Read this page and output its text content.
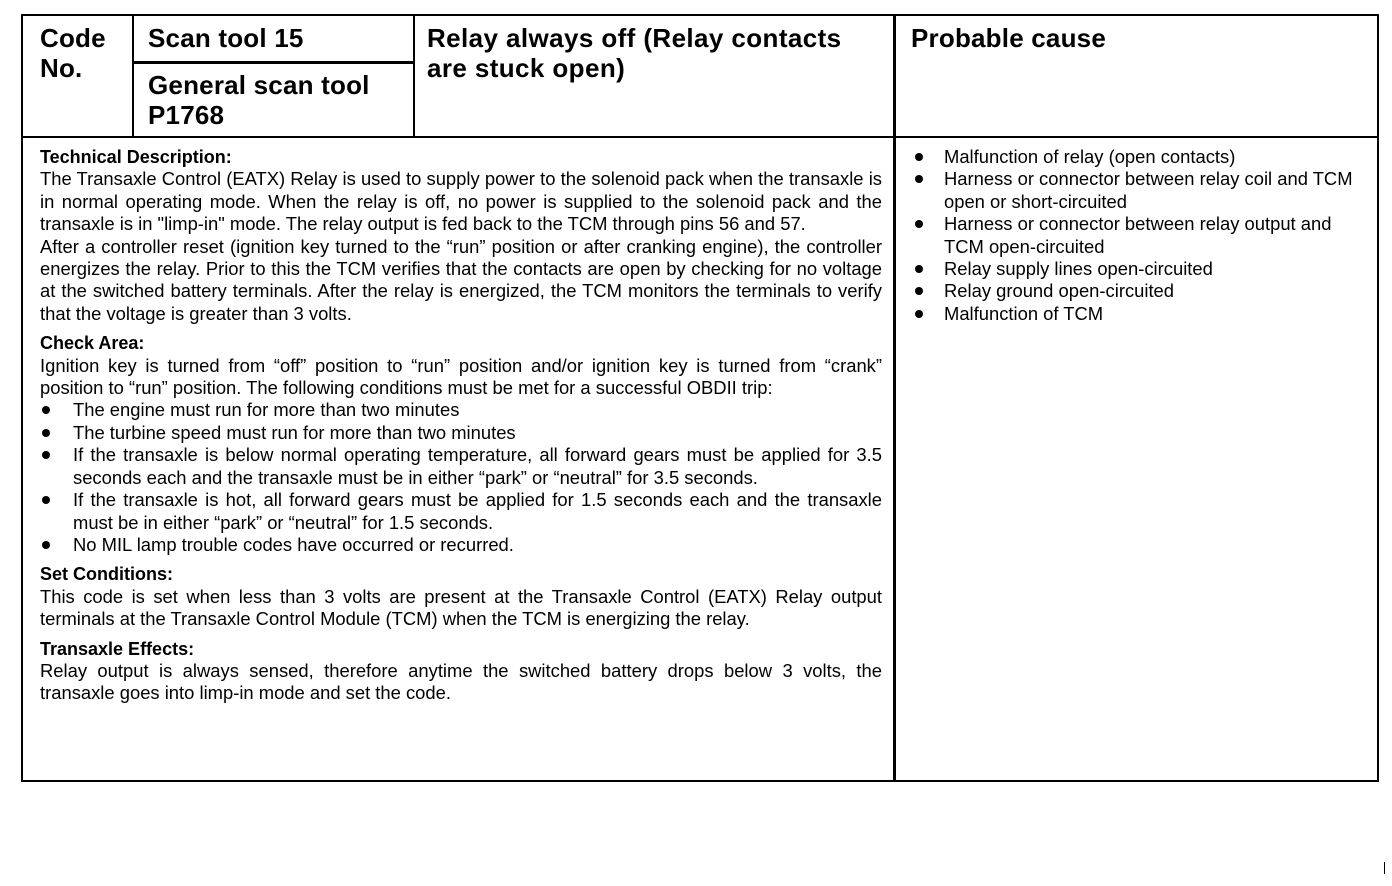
Code
No.
Scan tool 15
General scan tool
P1768
Relay always off (Relay contacts
are stuck open)
Probable cause
Technical Description:

The Transaxle Control (EATX) Relay is used to supply power to the solenoid pack when the transaxle is in normal operating mode. When the relay is off, no power is supplied to the solenoid pack and the transaxle is in "limp-in" mode. The relay output is fed back to the TCM through pins 56 and 57.

After a controller reset (ignition key turned to the “run” position or after cranking engine), the controller energizes the relay. Prior to this the TCM verifies that the contacts are open by checking for no voltage at the switched battery terminals. After the relay is energized, the TCM monitors the terminals to verify that the voltage is greater than 3 volts.

Check Area:

Ignition key is turned from “off” position to “run” position and/or ignition key is turned from “crank” position to “run” position. The following conditions must be met for a successful OBDII trip:

The engine must run for more than two minutes
The turbine speed must run for more than two minutes
If the transaxle is below normal operating temperature, all forward gears must be applied for 3.5 seconds each and the transaxle must be in either “park” or “neutral” for 3.5 seconds.
If the transaxle is hot, all forward gears must be applied for 1.5 seconds each and the transaxle must be in either “park” or “neutral” for 1.5 seconds.
No MIL lamp trouble codes have occurred or recurred.
Set Conditions:

This code is set when less than 3 volts are present at the Transaxle Control (EATX) Relay output terminals at the Transaxle Control Module (TCM) when the TCM is energizing the relay.

Transaxle Effects:

Relay output is always sensed, therefore anytime the switched battery drops below 3 volts, the transaxle goes into limp-in mode and set the code.

Malfunction of relay (open contacts)
Harness or connector between relay coil and TCM open or short-circuited
Harness or connector between relay output and TCM open-circuited
Relay supply lines open-circuited
Relay ground open-circuited
Malfunction of TCM
